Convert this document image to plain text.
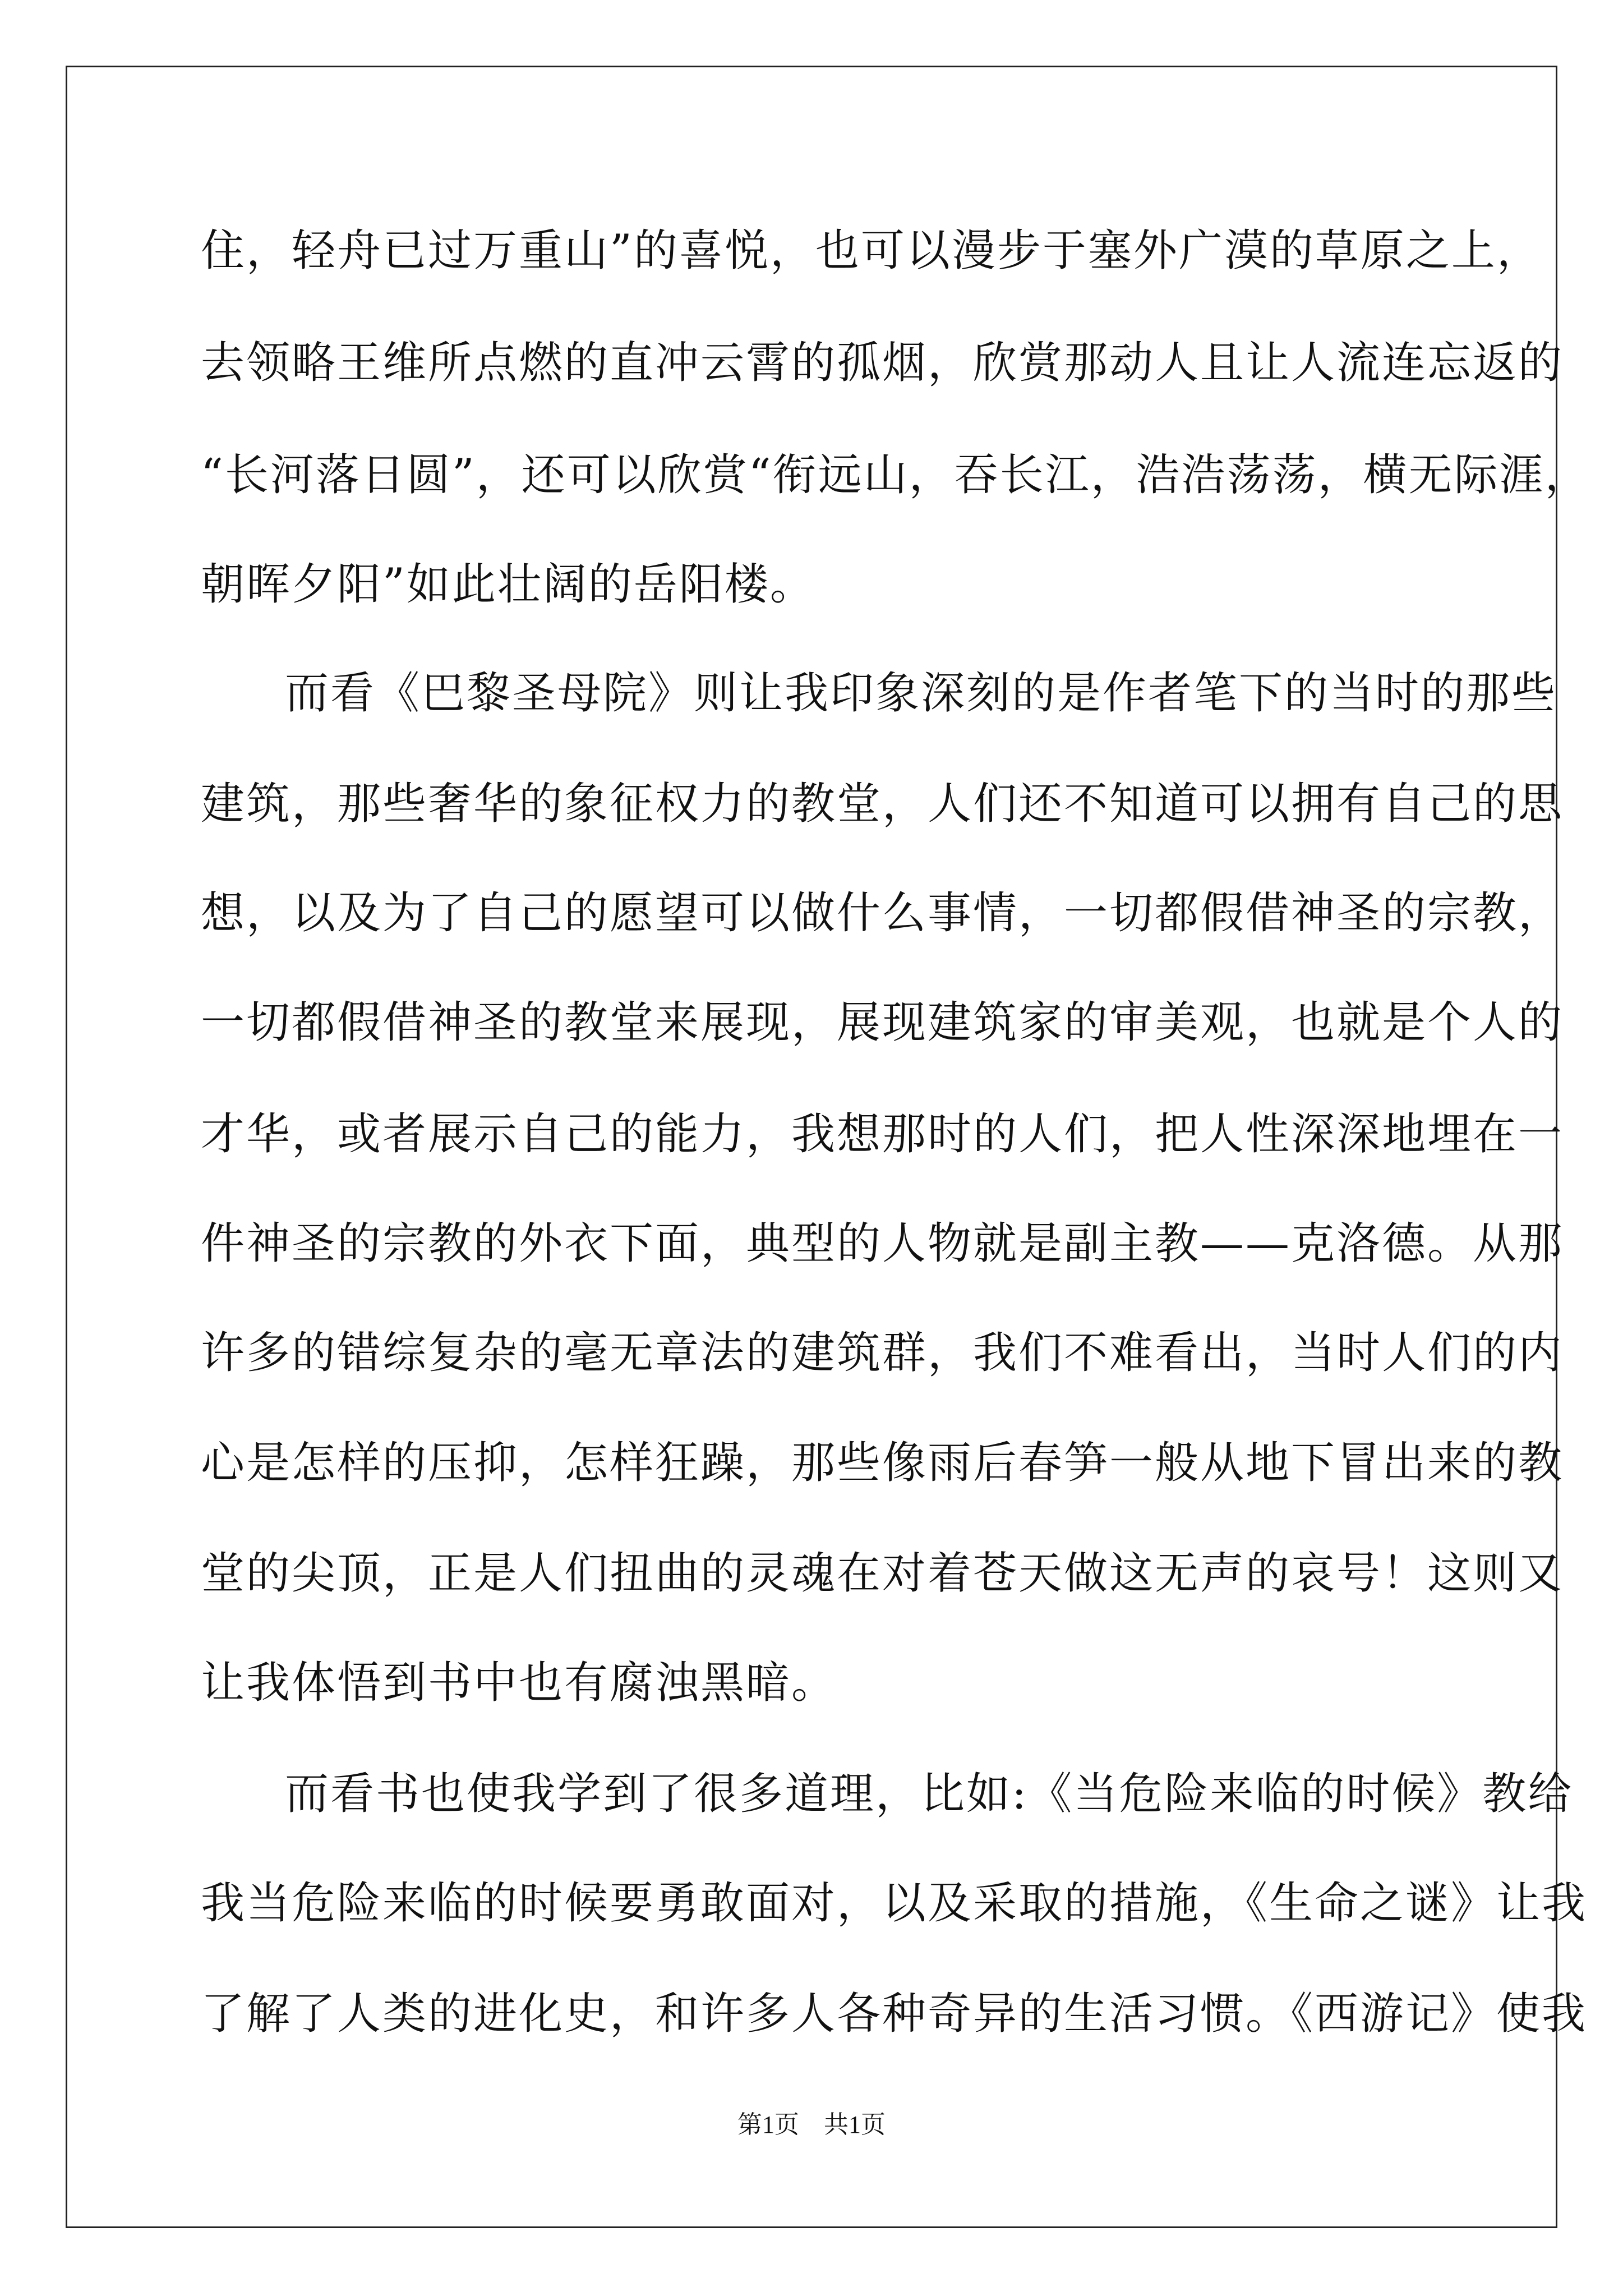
住，轻舟已过万重山”的喜悦，也可以漫步于塞外广漠的草原之上，
去领略王维所点燃的直冲云霄的孤烟，欣赏那动人且让人流连忘返的
“长河落日圆”，还可以欣赏“衔远山，吞长江，浩浩荡荡，横无际涯，
朝晖夕阳”如此壮阔的岳阳楼。
而看《巴黎圣母院》则让我印象深刻的是作者笔下的当时的那些
建筑，那些奢华的象征权力的教堂，人们还不知道可以拥有自己的思
想，以及为了自己的愿望可以做什么事情，一切都假借神圣的宗教，
一切都假借神圣的教堂来展现，展现建筑家的审美观，也就是个人的
才华，或者展示自己的能力，我想那时的人们，把人性深深地埋在一
件神圣的宗教的外衣下面，典型的人物就是副主教——克洛德。从那
许多的错综复杂的毫无章法的建筑群，我们不难看出，当时人们的内
心是怎样的压抑，怎样狂躁，那些像雨后春笋一般从地下冒出来的教
堂的尖顶，正是人们扭曲的灵魂在对着苍天做这无声的哀号！这则又
让我体悟到书中也有腐浊黑暗。
而看书也使我学到了很多道理，比如:《当危险来临的时候》教给
我当危险来临的时候要勇敢面对，以及采取的措施，《生命之谜》让我
了解了人类的进化史，和许多人各种奇异的生活习惯。《西游记》使我
第1页　共1页
